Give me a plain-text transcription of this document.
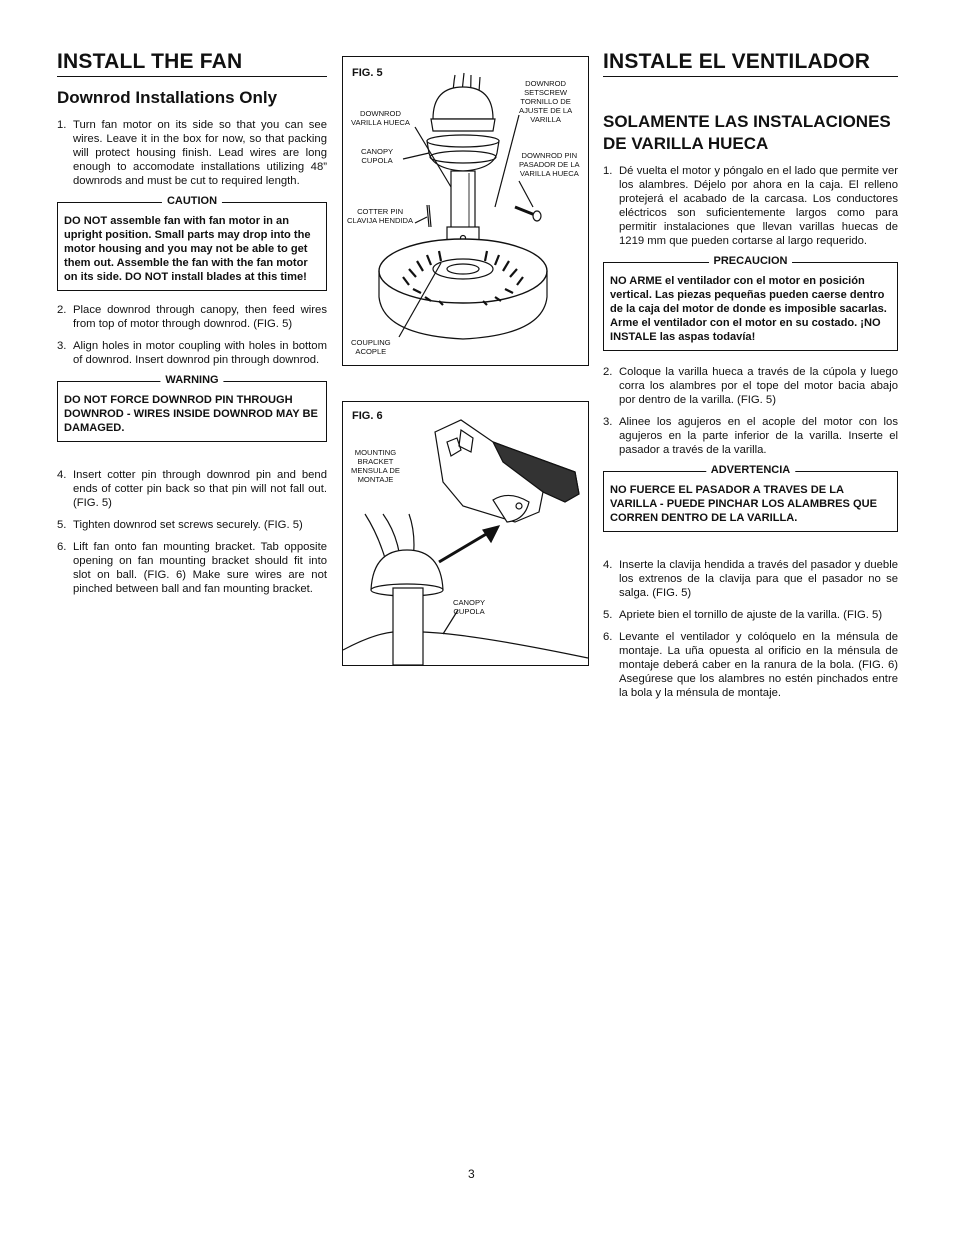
INSTALL THE FAN
Downrod Installations Only
1. Turn fan motor on its side so that you can see wires. Leave it in the box for now, so that packing will protect housing finish. Lead wires are long enough to accomodate installations utilizing 48” downrods and must be cut to required length.
CAUTION

DO NOT assemble fan with fan motor in an upright position. Small parts may drop into the motor housing and you may not be able to get them out. Assemble the fan with the fan motor on its side. DO NOT install blades at this time!

2. Place downrod through canopy, then feed wires from top of motor through downrod. (FIG. 5)
3. Align holes in motor coupling with holes in bottom of downrod. Insert downrod pin through downrod.
WARNING

DO NOT FORCE DOWNROD PIN THROUGH DOWNROD - WIRES INSIDE DOWNROD MAY BE DAMAGED.

4. Insert cotter pin through downrod pin and bend ends of cotter pin back so that pin will not fall out. (FIG. 5)
5. Tighten downrod set screws securely. (FIG. 5)
6. Lift fan onto fan mounting bracket. Tab opposite opening on fan mounting bracket should fit into slot on ball. (FIG. 6) Make sure wires are not pinched between ball and fan mounting bracket.
FIG. 5
DOWNROD
VARILLA HUECA
CANOPY
CUPOLA
COTTER PIN
CLAVIJA HENDIDA
COUPLING
ACOPLE
DOWNROD
SETSCREW
TORNILLO DE
AJUSTE DE LA
VARILLA
DOWNROD PIN
PASADOR DE LA
VARILLA HUECA
FIG. 6
MOUNTING
BRACKET
MENSULA DE
MONTAJE
CANOPY
CUPOLA
INSTALE EL VENTILADOR
SOLAMENTE LAS INSTALACIONES DE VARILLA HUECA
1. Dé vuelta el motor y póngalo en el lado que permite ver los alambres. Déjelo por ahora en la caja. El relleno protejerá el acabado de la carcasa. Los conductores eléctricos son suficientemente largos como para permitir instalaciones que llevan varillas huecas de 1219 mm que pueden cortarse al largo requerido.
PRECAUCION

NO ARME el ventilador con el motor en posición vertical. Las piezas pequeñas pueden caerse dentro de la caja del motor de donde es imposible sacarlas. Arme el ventilador con el motor en su costado. ¡NO INSTALE las aspas todavía!

2. Coloque la varilla hueca a través de la cúpola y luego corra los alambres por el tope del motor bacia abajo por dentro de la varilla. (FIG. 5)
3. Alinee los agujeros en el acople del motor con los agujeros en la parte inferior de la varilla. Inserte el pasador a través de la varilla.
ADVERTENCIA

NO FUERCE EL PASADOR A TRAVES DE LA VARILLA - PUEDE PINCHAR LOS ALAMBRES QUE CORREN DENTRO DE LA VARILLA.

4. Inserte la clavija hendida a través del pasador y dueble los extrenos de la clavija para que el pasador no se salga. (FIG. 5)
5. Apriete bien el tornillo de ajuste de la varilla. (FIG. 5)
6. Levante el ventilador y colóquelo en la ménsula de montaje. La uña opuesta al orificio en la ménsula de montaje deberá caber en la ranura de la bola. (FIG. 6) Asegúrese que los alambres no estén pinchados entre la bola y la ménsula de montaje.
3
